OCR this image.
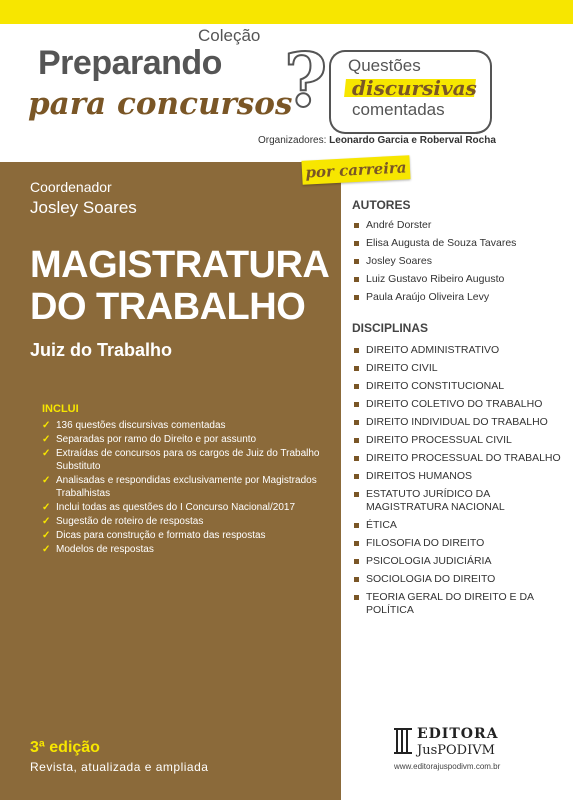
Coleção
Preparando
para concursos
? Questões
discursivas
comentadas
Organizadores: Leonardo Garcia e Roberval Rocha
por carreira
Coordenador
Josley Soares
MAGISTRATURA
DO TRABALHO
Juiz do Trabalho
INCLUI
✓ 136 questões discursivas comentadas
✓ Separadas por ramo do Direito e por assunto
✓ Extraídas de concursos para os cargos de Juiz do Trabalho Substituto
✓ Analisadas e respondidas exclusivamente por Magistrados Trabalhistas
✓ Inclui todas as questões do I Concurso Nacional/2017
✓ Sugestão de roteiro de respostas
✓ Dicas para construção e formato das respostas
✓ Modelos de respostas
AUTORES
André Dorster
Elisa Augusta de Souza Tavares
Josley Soares
Luiz Gustavo Ribeiro Augusto
Paula Araújo Oliveira Levy
DISCIPLINAS
DIREITO ADMINISTRATIVO
DIREITO CIVIL
DIREITO CONSTITUCIONAL
DIREITO COLETIVO DO TRABALHO
DIREITO INDIVIDUAL DO TRABALHO
DIREITO PROCESSUAL CIVIL
DIREITO PROCESSUAL DO TRABALHO
DIREITOS HUMANOS
ESTATUTO JURÍDICO DA MAGISTRATURA NACIONAL
ÉTICA
FILOSOFIA DO DIREITO
PSICOLOGIA JUDICIÁRIA
SOCIOLOGIA DO DIREITO
TEORIA GERAL DO DIREITO E DA POLÍTICA
3ª edição
Revista, atualizada e ampliada
EDITORA
JusPODIVM
www.editorajuspodivm.com.br
